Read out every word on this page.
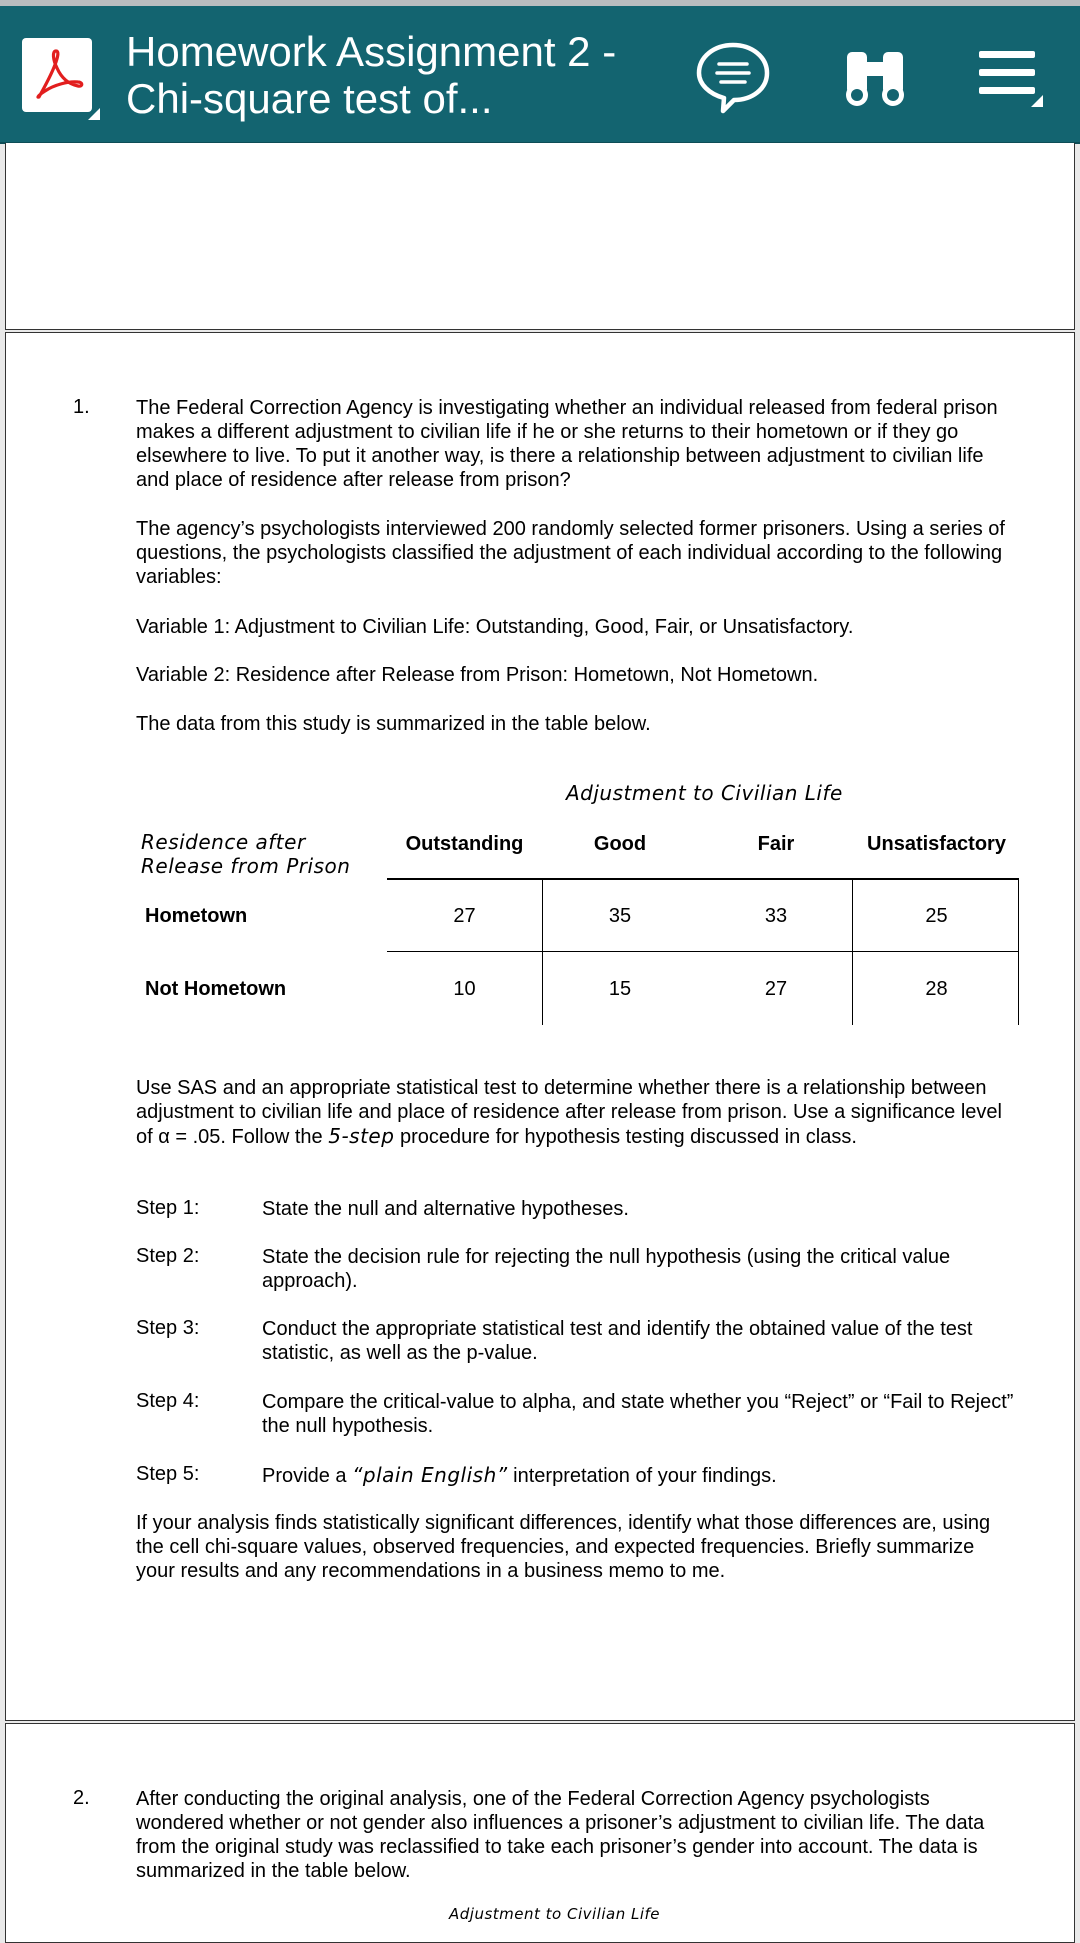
Homework Assignment 2 -
Chi-square test of...
1. The Federal Correction Agency is investigating whether an individual released from federal prison makes a different adjustment to civilian life if he or she returns to their hometown or if they go elsewhere to live. To put it another way, is there a relationship between adjustment to civilian life and place of residence after release from prison?
The agency’s psychologists interviewed 200 randomly selected former prisoners. Using a series of questions, the psychologists classified the adjustment of each individual according to the following variables:
Variable 1: Adjustment to Civilian Life: Outstanding, Good, Fair, or Unsatisfactory.
Variable 2: Residence after Release from Prison: Hometown, Not Hometown.
The data from this study is summarized in the table below.
Adjustment to Civilian Life
Residence after
Release from Prison
Outstanding	Good	Fair	Unsatisfactory
Hometown	27	35	33	25
Not Hometown	10	15	27	28
Use SAS and an appropriate statistical test to determine whether there is a relationship between adjustment to civilian life and place of residence after release from prison. Use a significance level of α = .05. Follow the 5-step procedure for hypothesis testing discussed in class.
Step 1:	State the null and alternative hypotheses.
Step 2:	State the decision rule for rejecting the null hypothesis (using the critical value approach).
Step 3:	Conduct the appropriate statistical test and identify the obtained value of the test statistic, as well as the p-value.
Step 4:	Compare the critical-value to alpha, and state whether you “Reject” or “Fail to Reject” the null hypothesis.
Step 5:	Provide a “plain English” interpretation of your findings.
If your analysis finds statistically significant differences, identify what those differences are, using the cell chi-square values, observed frequencies, and expected frequencies. Briefly summarize your results and any recommendations in a business memo to me.
2. After conducting the original analysis, one of the Federal Correction Agency psychologists wondered whether or not gender also influences a prisoner’s adjustment to civilian life. The data from the original study was reclassified to take each prisoner’s gender into account. The data is summarized in the table below.
Adjustment to Civilian Life
